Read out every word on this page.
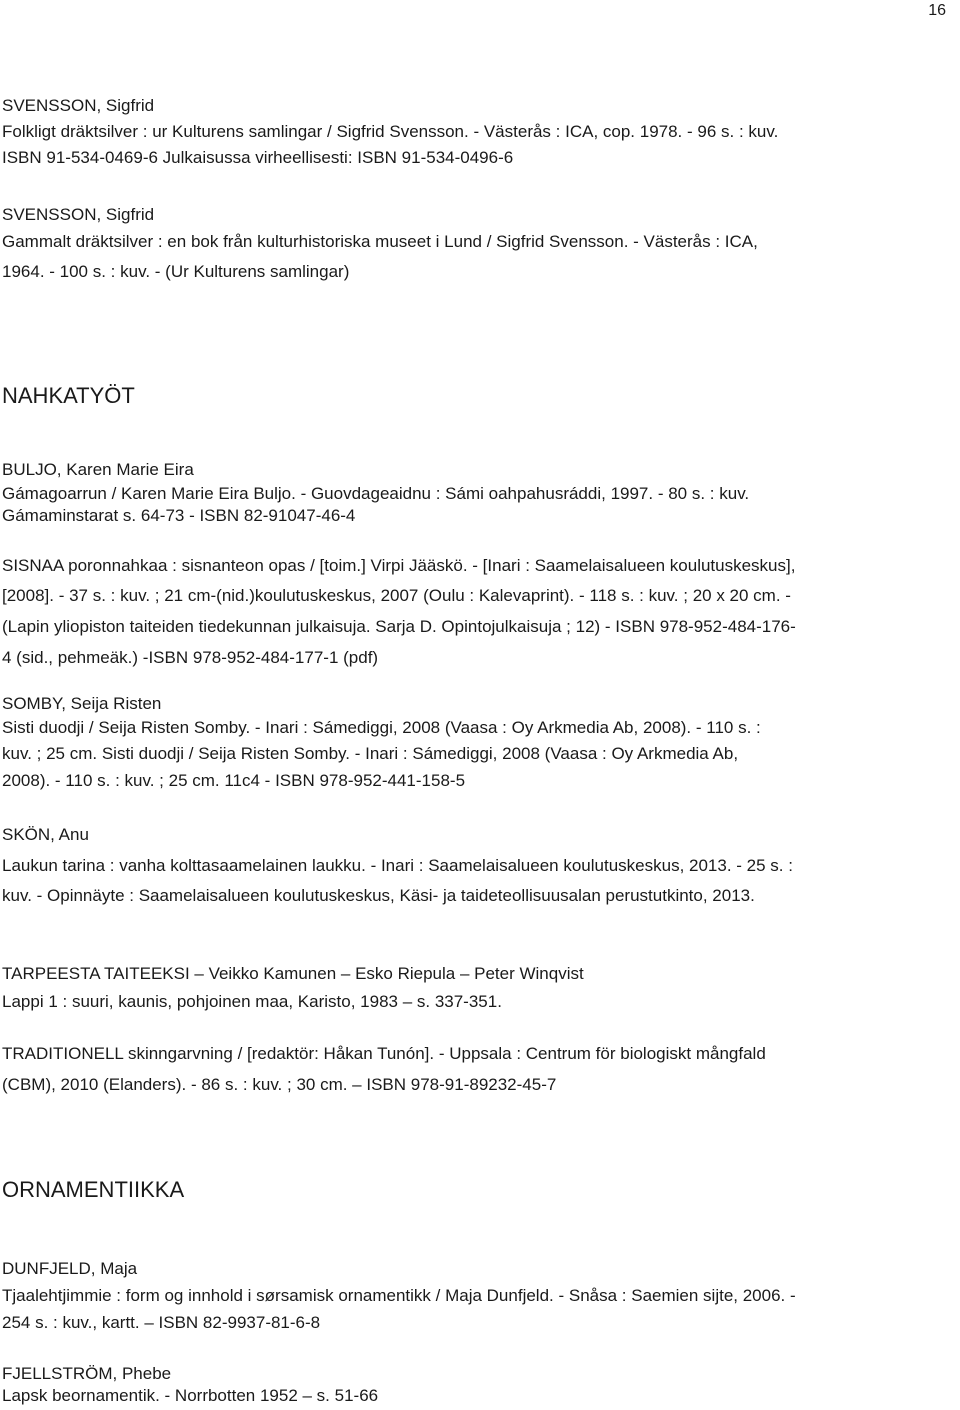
16
SVENSSON, Sigfrid
Folkligt dräktsilver : ur Kulturens samlingar / Sigfrid Svensson. - Västerås : ICA, cop. 1978. - 96 s. : kuv.
ISBN 91-534-0469-6 Julkaisussa virheellisesti: ISBN 91-534-0496-6
SVENSSON, Sigfrid
Gammalt dräktsilver : en bok från kulturhistoriska museet i Lund / Sigfrid Svensson. - Västerås : ICA,
1964. - 100 s. : kuv. - (Ur Kulturens samlingar)
NAHKATYÖT
BULJO, Karen Marie Eira
Gámagoarrun / Karen Marie Eira Buljo. - Guovdageaidnu : Sámi oahpahusráddi, 1997. - 80 s. : kuv.
Gámaminstarat s. 64-73 - ISBN 82-91047-46-4
SISNAA poronnahkaa : sisnanteon opas / [toim.] Virpi Jääskö. - [Inari : Saamelaisalueen koulutuskeskus],
[2008]. - 37 s. : kuv. ; 21 cm-(nid.)koulutuskeskus, 2007 (Oulu : Kalevaprint). - 118 s. : kuv. ; 20 x 20 cm. -
(Lapin yliopiston taiteiden tiedekunnan julkaisuja. Sarja D. Opintojulkaisuja ; 12) - ISBN 978-952-484-176-
4 (sid., pehmeäk.) -ISBN 978-952-484-177-1 (pdf)
SOMBY, Seija Risten
Sisti duodji / Seija Risten Somby. - Inari : Sámediggi, 2008 (Vaasa : Oy Arkmedia Ab, 2008). - 110 s. :
kuv. ; 25 cm. Sisti duodji / Seija Risten Somby. - Inari : Sámediggi, 2008 (Vaasa : Oy Arkmedia Ab,
2008). - 110 s. : kuv. ; 25 cm. 11c4 - ISBN 978-952-441-158-5
SKÖN, Anu
Laukun tarina : vanha kolttasaamelainen laukku. - Inari : Saamelaisalueen koulutuskeskus, 2013. - 25 s. :
kuv. - Opinnäyte : Saamelaisalueen koulutuskeskus, Käsi- ja taideteollisuusalan perustutkinto, 2013.
TARPEESTA TAITEEKSI – Veikko Kamunen – Esko Riepula – Peter Winqvist
Lappi 1 : suuri, kaunis, pohjoinen maa, Karisto, 1983 – s. 337-351.
TRADITIONELL skinngarvning / [redaktör: Håkan Tunón]. - Uppsala : Centrum för biologiskt mångfald
(CBM), 2010 (Elanders). - 86 s. : kuv. ; 30 cm. – ISBN 978-91-89232-45-7
ORNAMENTIIKKA
DUNFJELD, Maja
Tjaalehtjimmie : form og innhold i sørsamisk ornamentikk / Maja Dunfjeld. - Snåsa : Saemien sijte, 2006. -
254 s. : kuv., kartt. – ISBN 82-9937-81-6-8
FJELLSTRÖM, Phebe
Lapsk beornamentik. - Norrbotten 1952 – s. 51-66
